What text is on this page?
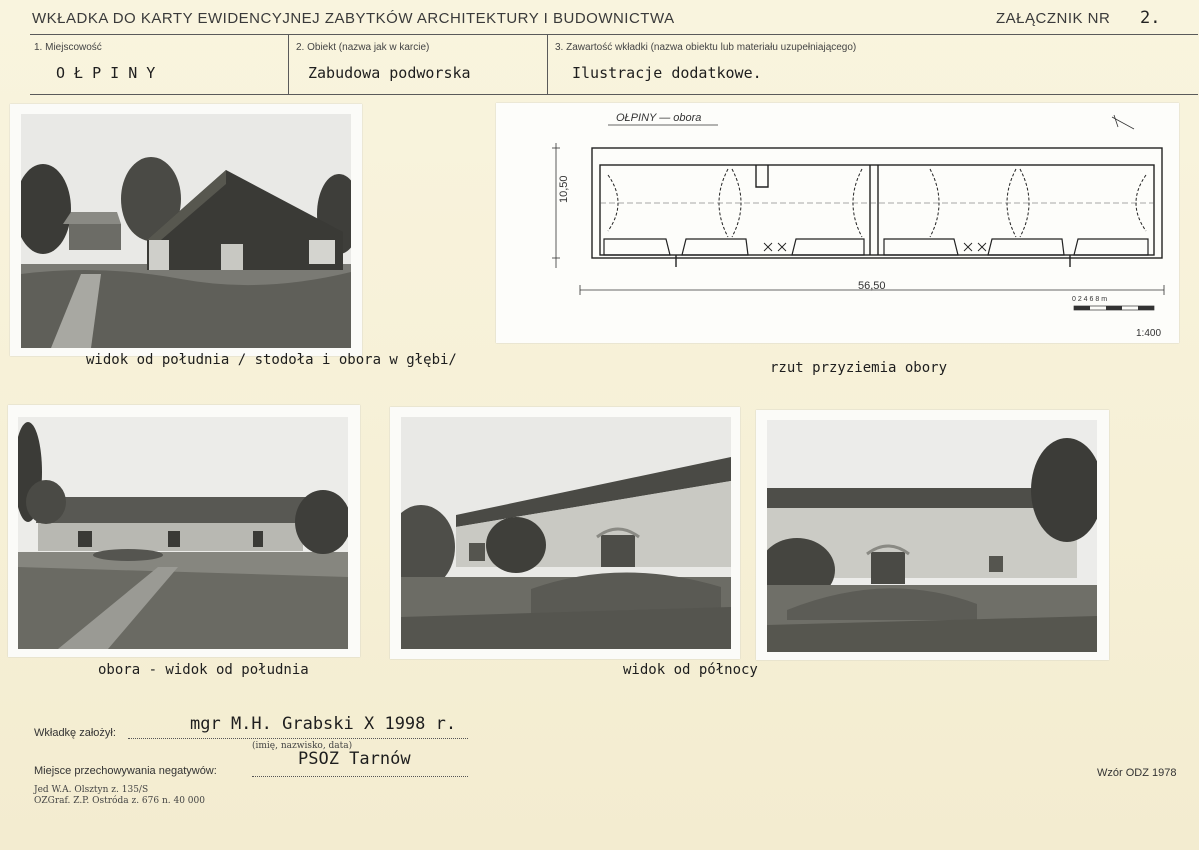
WKŁADKA DO KARTY EWIDENCYJNEJ ZABYTKÓW ARCHITEKTURY I BUDOWNICTWA	ZAŁĄCZNIK NR 2.
1. Miejscowość
O Ł P I N Y
2. Obiekt (nazwa jak w karcie)
Zabudowa podworska
3. Zawartość wkładki (nazwa obiektu lub materiału uzupełniającego)
Ilustracje dodatkowe.
OŁPINY — obora
10,50
56,50
0 2 4 6 8 m
1:400
widok od południa / stodoła i obora w głębi/	rzut przyziemia obory
obora - widok od południa	widok od północy
Wkładkę założył:	mgr M.H. Grabski X 1998 r.
(imię, nazwisko, data)
Miejsce przechowywania negatywów:
PSOZ Tarnów
Jed W.A. Olsztyn z. 135/S
OZGraf. Z.P. Ostróda z. 676 n. 40 000
Wzór ODZ 1978
